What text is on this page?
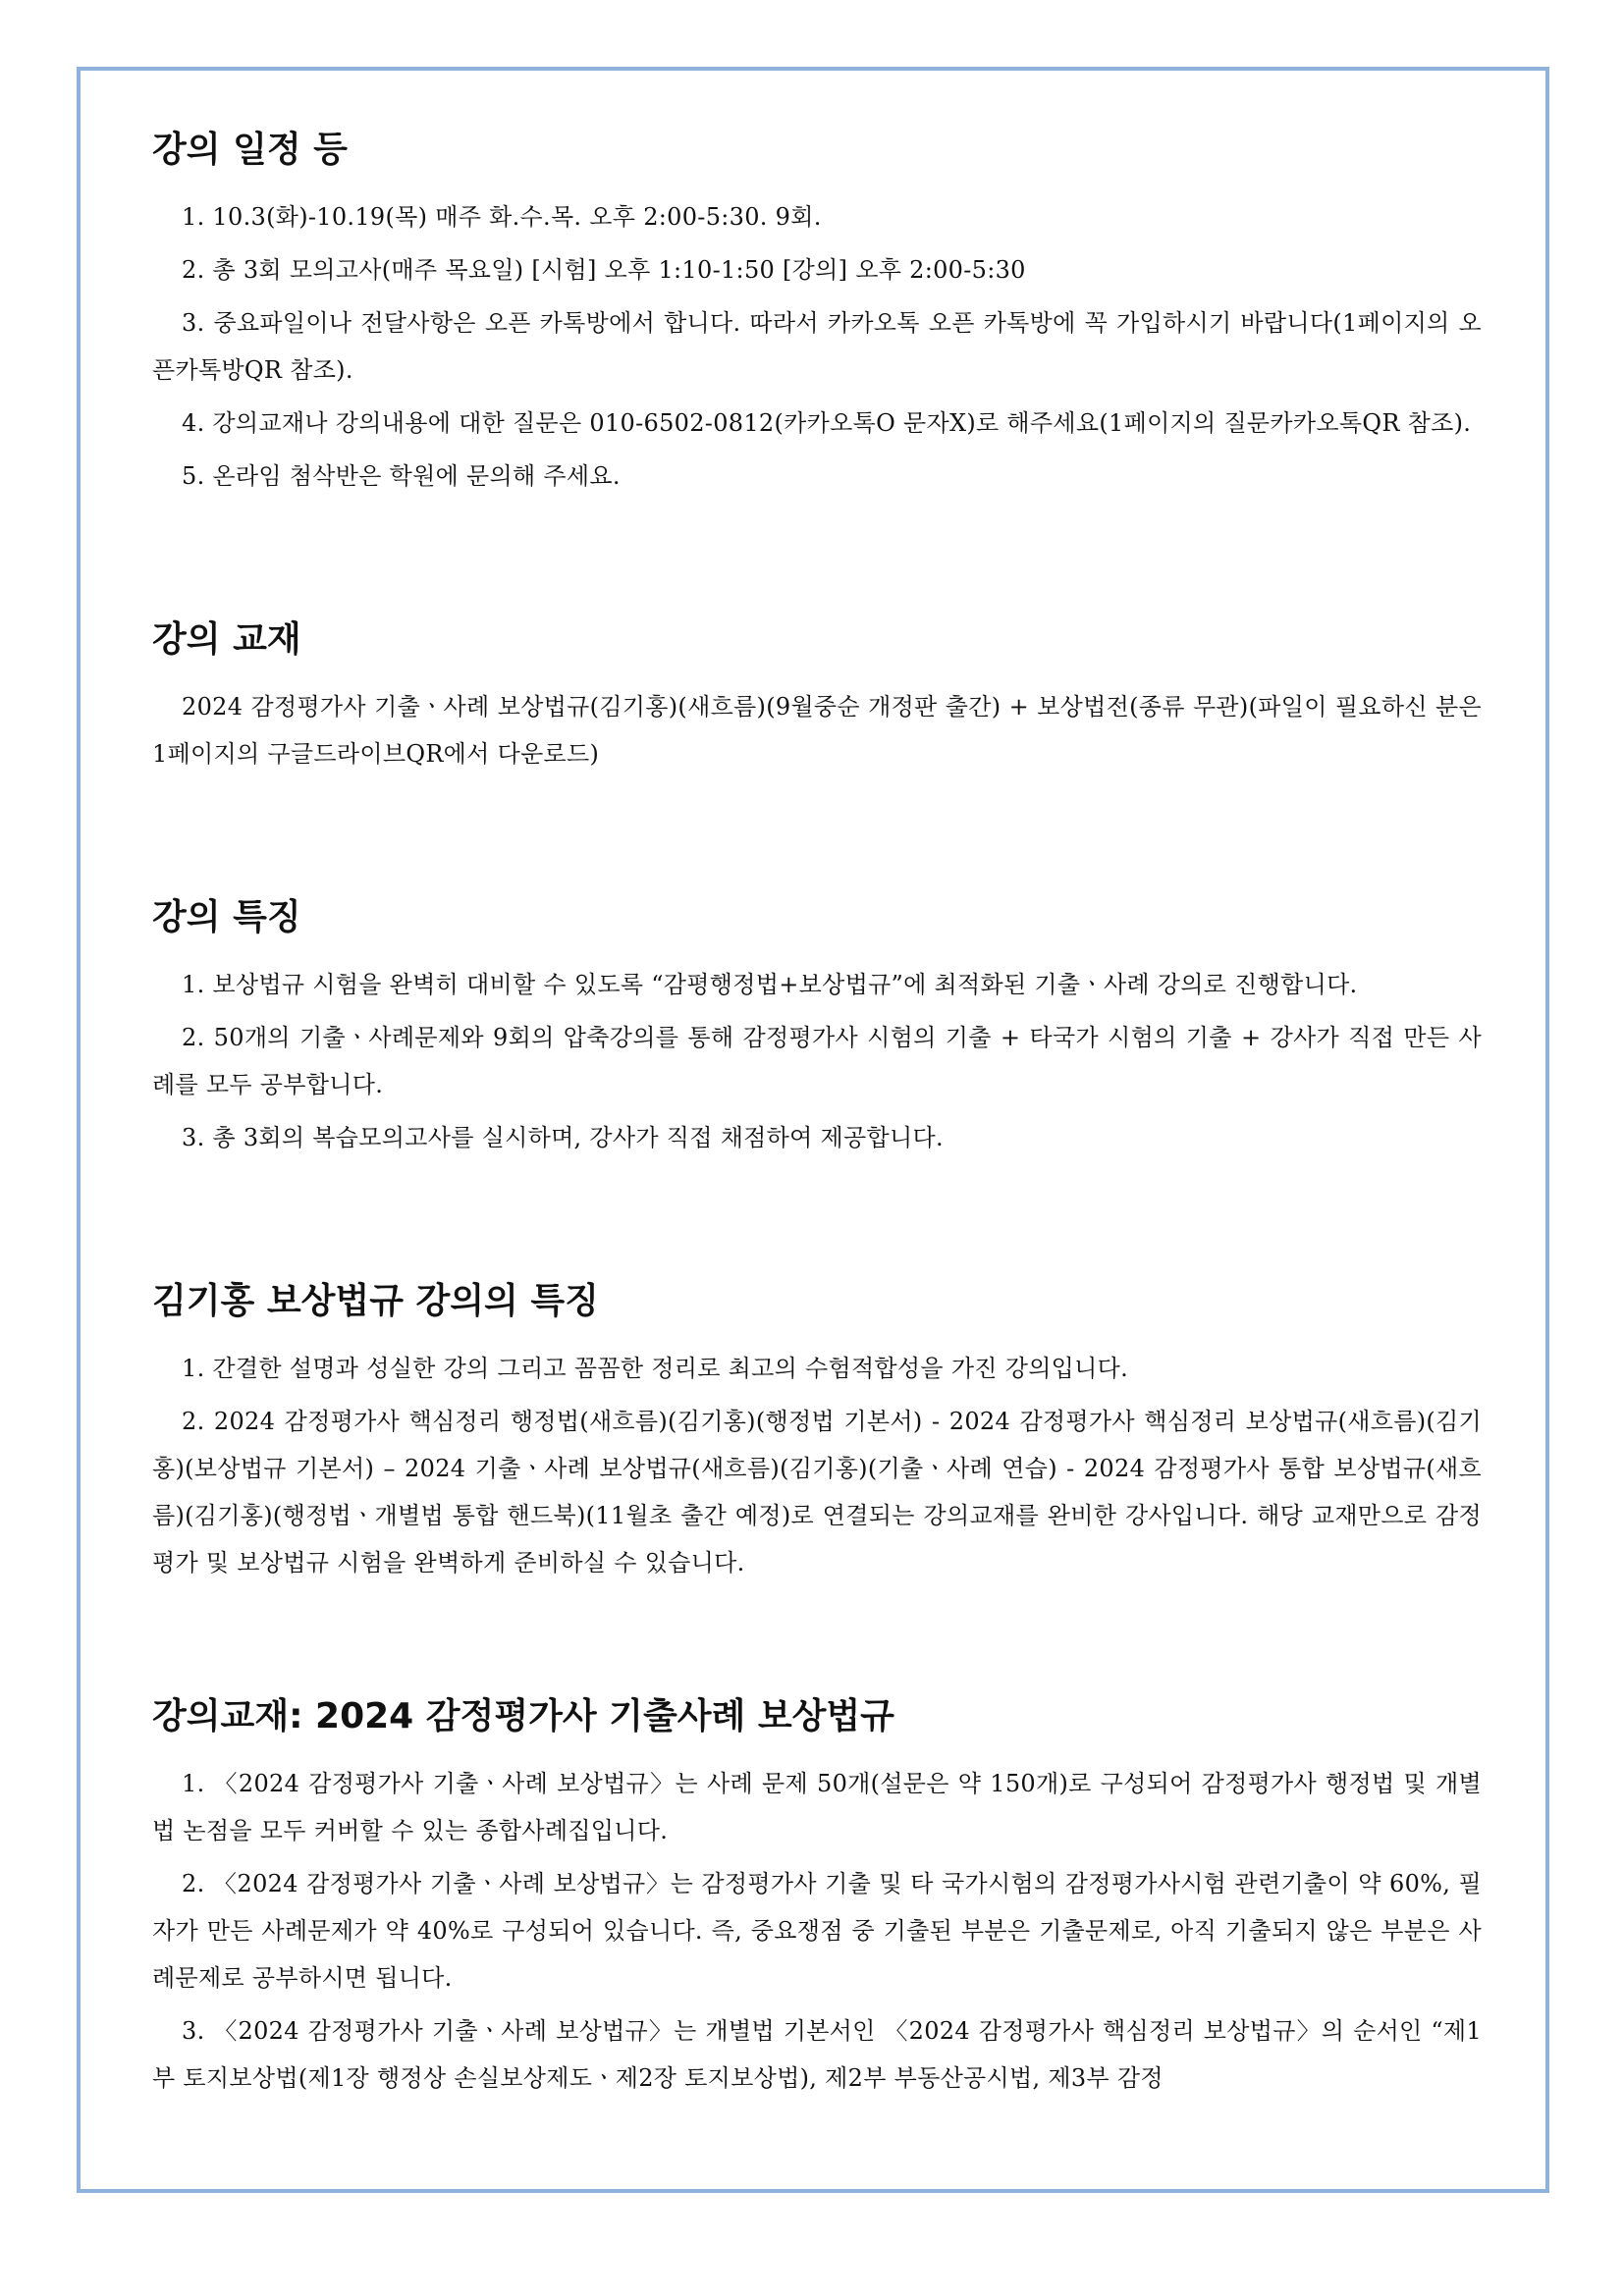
강의 일정 등

1. 10.3(화)-10.19(목) 매주 화.수.목. 오후 2:00-5:30. 9회.

2. 총 3회 모의고사(매주 목요일) [시험] 오후 1:10-1:50 [강의] 오후 2:00-5:30

3. 중요파일이나 전달사항은 오픈 카톡방에서 합니다. 따라서 카카오톡 오픈 카톡방에 꼭 가입하시기 바랍니다(1페이지의 오픈카톡방QR 참조).

4. 강의교재나 강의내용에 대한 질문은 010-6502-0812(카카오톡O 문자X)로 해주세요(1페이지의 질문카카오톡QR 참조).

5. 온라임 첨삭반은 학원에 문의해 주세요.

강의 교재

2024 감정평가사 기출ㆍ사례 보상법규(김기홍)(새흐름)(9월중순 개정판 출간) + 보상법전(종류 무관)(파일이 필요하신 분은 1페이지의 구글드라이브QR에서 다운로드)

강의 특징

1. 보상법규 시험을 완벽히 대비할 수 있도록 “감평행정법+보상법규”에 최적화된 기출ㆍ사례 강의로 진행합니다.

2. 50개의 기출ㆍ사례문제와 9회의 압축강의를 통해 감정평가사 시험의 기출 + 타국가 시험의 기출 + 강사가 직접 만든 사례를 모두 공부합니다.

3. 총 3회의 복습모의고사를 실시하며, 강사가 직접 채점하여 제공합니다.

김기홍 보상법규 강의의 특징

1. 간결한 설명과 성실한 강의 그리고 꼼꼼한 정리로 최고의 수험적합성을 가진 강의입니다.

2. 2024 감정평가사 핵심정리 행정법(새흐름)(김기홍)(행정법 기본서) - 2024 감정평가사 핵심정리 보상법규(새흐름)(김기홍)(보상법규 기본서) – 2024 기출ㆍ사례 보상법규(새흐름)(김기홍)(기출ㆍ사례 연습) - 2024 감정평가사 통합 보상법규(새흐름)(김기홍)(행정법ㆍ개별법 통합 핸드북)(11월초 출간 예정)로 연결되는 강의교재를 완비한 강사입니다. 해당 교재만으로 감정평가 및 보상법규 시험을 완벽하게 준비하실 수 있습니다.

강의교재: 2024 감정평가사 기출사례 보상법규

1. 〈2024 감정평가사 기출ㆍ사례 보상법규〉는 사례 문제 50개(설문은 약 150개)로 구성되어 감정평가사 행정법 및 개별법 논점을 모두 커버할 수 있는 종합사례집입니다.

2. 〈2024 감정평가사 기출ㆍ사례 보상법규〉는 감정평가사 기출 및 타 국가시험의 감정평가사시험 관련기출이 약 60%, 필자가 만든 사례문제가 약 40%로 구성되어 있습니다. 즉, 중요쟁점 중 기출된 부분은 기출문제로, 아직 기출되지 않은 부분은 사례문제로 공부하시면 됩니다.

3. 〈2024 감정평가사 기출ㆍ사례 보상법규〉는 개별법 기본서인 〈2024 감정평가사 핵심정리 보상법규〉의 순서인 “제1부 토지보상법(제1장 행정상 손실보상제도ㆍ제2장 토지보상법), 제2부 부동산공시법, 제3부 감정
